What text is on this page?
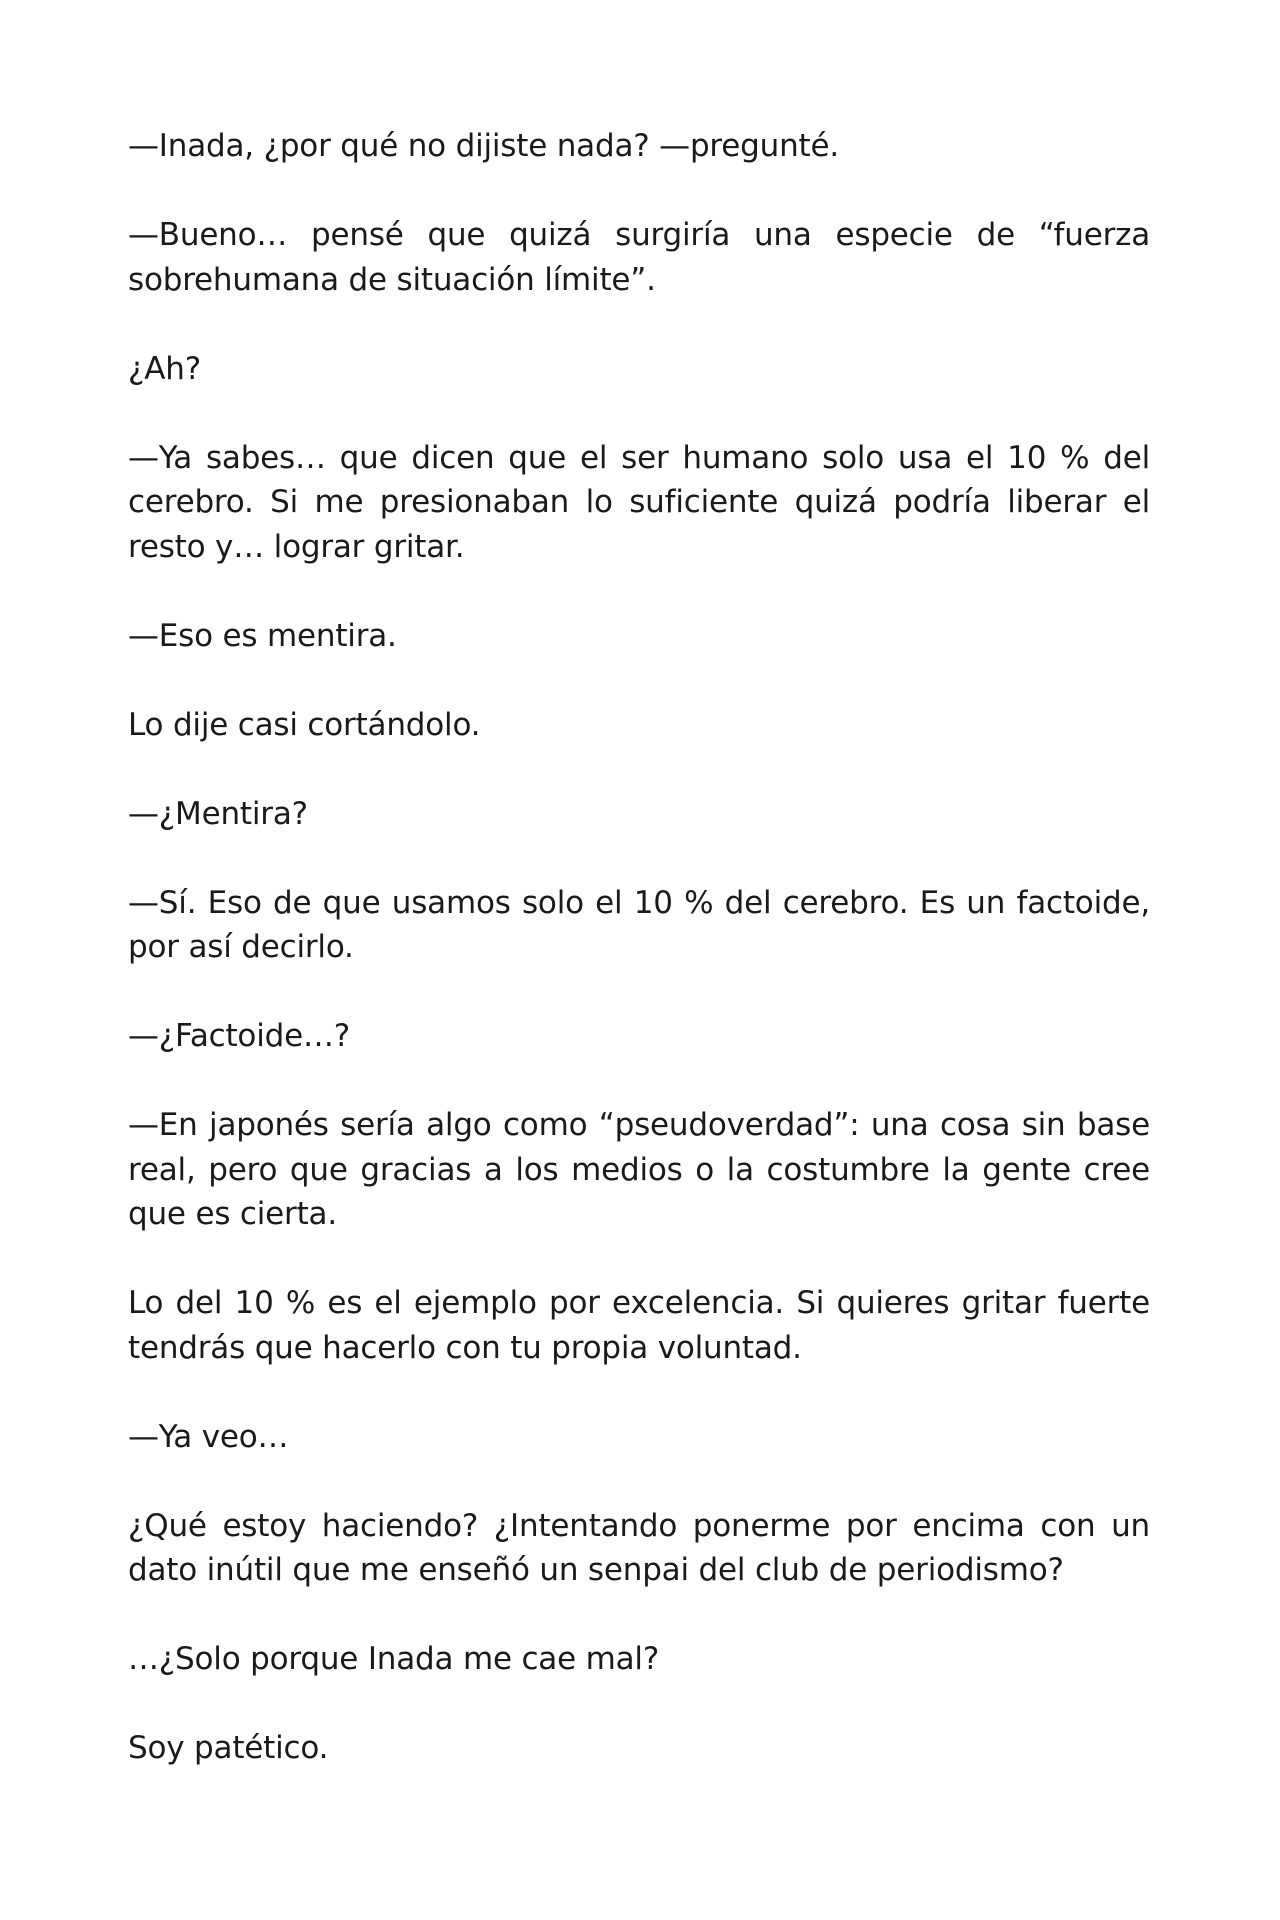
—Inada, ¿por qué no dijiste nada? —pregunté.

—Bueno… pensé que quizá surgiría una especie de “fuerza sobrehumana de situación límite”.

¿Ah?

—Ya sabes… que dicen que el ser humano solo usa el 10 % del cerebro. Si me presionaban lo suficiente quizá podría liberar el resto y… lograr gritar.

—Eso es mentira.

Lo dije casi cortándolo.

—¿Mentira?

—Sí. Eso de que usamos solo el 10 % del cerebro. Es un factoide, por así decirlo.

—¿Factoide…?

—En japonés sería algo como “pseudoverdad”: una cosa sin base real, pero que gracias a los medios o la costumbre la gente cree que es cierta.

Lo del 10 % es el ejemplo por excelencia. Si quieres gritar fuerte tendrás que hacerlo con tu propia voluntad.

—Ya veo…

¿Qué estoy haciendo? ¿Intentando ponerme por encima con un dato inútil que me enseñó un senpai del club de periodismo?

…¿Solo porque Inada me cae mal?

Soy patético.
